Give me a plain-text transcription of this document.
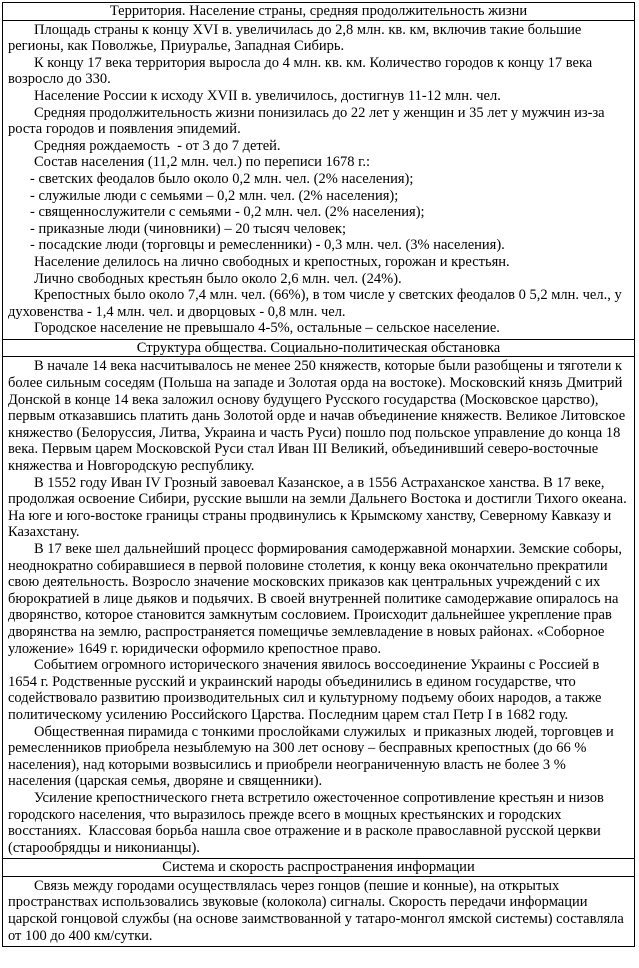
Территория. Население страны, средняя продолжительность жизни

Площадь страны к концу XVI в. увеличилась до 2,8 млн. кв. км, включив такие большие регионы, как Поволжье, Приуралье, Западная Сибирь.

К концу 17 века территория выросла до 4 млн. кв. км. Количество городов к концу 17 века возросло до 330.

Население России к исходу XVII в. увеличилось, достигнув 11-12 млн. чел.

Средняя продолжительность жизни понизилась до 22 лет у женщин и 35 лет у мужчин из-за роста городов и появления эпидемий.

Средняя рождаемость  - от 3 до 7 детей.

Состав населения (11,2 млн. чел.) по переписи 1678 г.:

- светских феодалов было около 0,2 млн. чел. (2% населения);

- служилые люди с семьями – 0,2 млн. чел. (2% населения);

- священнослужители с семьями - 0,2 млн. чел. (2% населения);

- приказные люди (чиновники) – 20 тысяч человек;

- посадские люди (торговцы и ремесленники) - 0,3 млн. чел. (3% населения).

Население делилось на лично свободных и крепостных, горожан и крестьян.

Лично свободных крестьян было около 2,6 млн. чел. (24%).

Крепостных было около 7,4 млн. чел. (66%), в том числе у светских феодалов 0 5,2 млн. чел., у духовенства - 1,4 млн. чел. и дворцовых - 0,8 млн. чел.

Городское население не превышало 4-5%, остальные – сельское население.

Структура общества. Социально-политическая обстановка

В начале 14 века насчитывалось не менее 250 княжеств, которые были разобщены и тяготели к более сильным соседям (Польша на западе и Золотая орда на востоке). Московский князь Дмитрий Донской в конце 14 века заложил основу будущего Русского государства (Московское царство), первым отказавшись платить дань Золотой орде и начав объединение княжеств. Великое Литовское княжество (Белоруссия, Литва, Украина и часть Руси) пошло под польское управление до конца 18 века. Первым царем Московской Руси стал Иван III Великий, объединивший северо-восточные княжества и Новгородскую республику.

В 1552 году Иван IV Грозный завоевал Казанское, а в 1556 Астраханское ханства. В 17 веке, продолжая освоение Сибири, русские вышли на земли Дальнего Востока и достигли Тихого океана. На юге и юго-востоке границы страны продвинулись к Крымскому ханству, Северному Кавказу и Казахстану.

В 17 веке шел дальнейший процесс формирования самодержавной монархии. Земские соборы, неоднократно собиравшиеся в первой половине столетия, к концу века окончательно прекратили свою деятельность. Возросло значение московских приказов как центральных учреждений с их бюрократией в лице дьяков и подьячих. В своей внутренней политике самодержавие опиралось на дворянство, которое становится замкнутым сословием. Происходит дальнейшее укрепление прав дворянства на землю, распространяется помещичье землевладение в новых районах. «Соборное уложение» 1649 г. юридически оформило крепостное право.

Событием огромного исторического значения явилось воссоединение Украины с Россией в 1654 г. Родственные русский и украинский народы объединились в едином государстве, что содействовало развитию производительных сил и культурному подъему обоих народов, а также политическому усилению Российского Царства. Последним царем стал Петр I в 1682 году.

Общественная пирамида с тонкими прослойками служилых  и приказных людей, торговцев и ремесленников приобрела незыблемую на 300 лет основу – бесправных крепостных (до 66 % населения), над которыми возвысились и приобрели неограниченную власть не более 3 % населения (царская семья, дворяне и священники).

Усиление крепостнического гнета встретило ожесточенное сопротивление крестьян и низов городского населения, что выразилось прежде всего в мощных крестьянских и городских восстаниях.  Классовая борьба нашла свое отражение и в расколе православной русской церкви (старообрядцы и никонианцы).

Система и скорость распространения информации

Связь между городами осуществлялась через гонцов (пешие и конные), на открытых пространствах использовались звуковые (колокола) сигналы. Скорость передачи информации царской гонцовой службы (на основе заимствованной у татаро-монгол ямской системы) составляла от 100 до 400 км/сутки.
